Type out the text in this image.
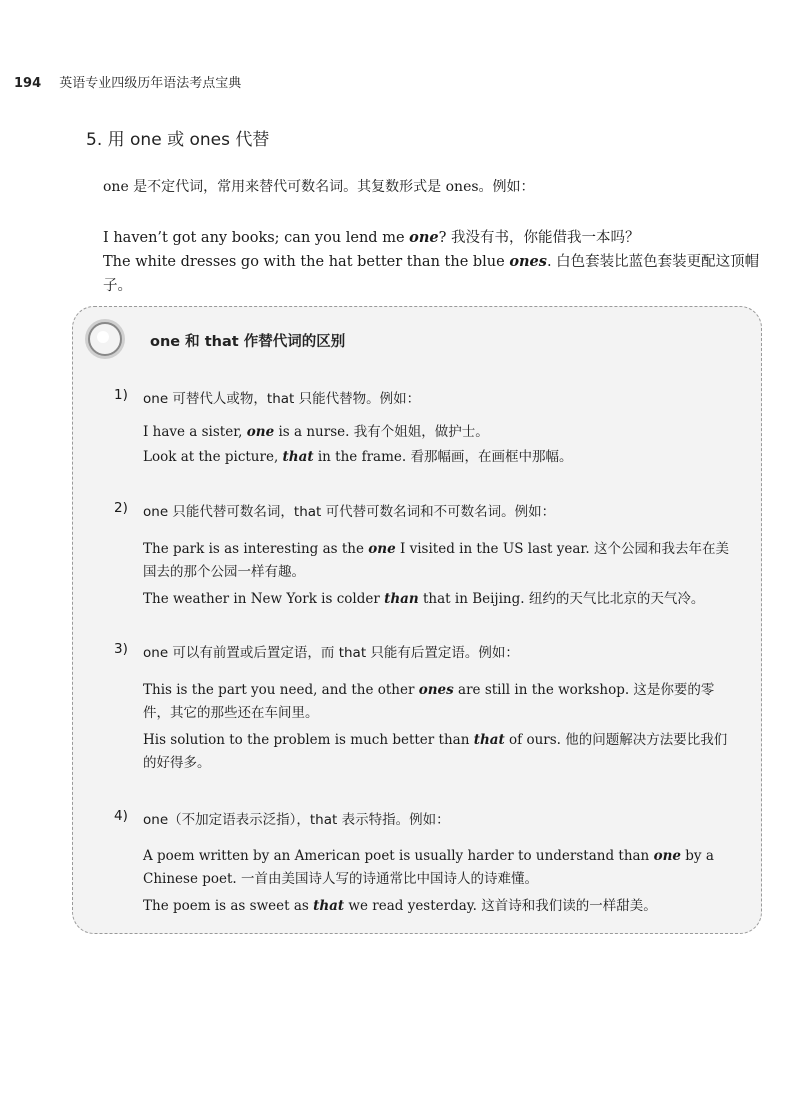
194 英语专业四级历年语法考点宝典
5. 用 one 或 ones 代替
one 是不定代词，常用来替代可数名词。其复数形式是 ones。例如：
I haven’t got any books; can you lend me one? 我没有书，你能借我一本吗？
The white dresses go with the hat better than the blue ones. 白色套装比蓝色套装更配这顶帽子。
one 和 that 作替代词的区别
1) one 可替代人或物，that 只能代替物。例如：
I have a sister, one is a nurse. 我有个姐姐，做护士。
Look at the picture, that in the frame. 看那幅画，在画框中那幅。
2) one 只能代替可数名词，that 可代替可数名词和不可数名词。例如：
The park is as interesting as the one I visited in the US last year. 这个公园和我去年在美国去的那个公园一样有趣。
The weather in New York is colder than that in Beijing. 纽约的天气比北京的天气冷。
3) one 可以有前置或后置定语，而 that 只能有后置定语。例如：
This is the part you need, and the other ones are still in the workshop. 这是你要的零件，其它的那些还在车间里。
His solution to the problem is much better than that of ours. 他的问题解决方法要比我们的好得多。
4) one（不加定语表示泛指），that 表示特指。例如：
A poem written by an American poet is usually harder to understand than one by a Chinese poet. 一首由美国诗人写的诗通常比中国诗人的诗难懂。
The poem is as sweet as that we read yesterday. 这首诗和我们读的一样甜美。
